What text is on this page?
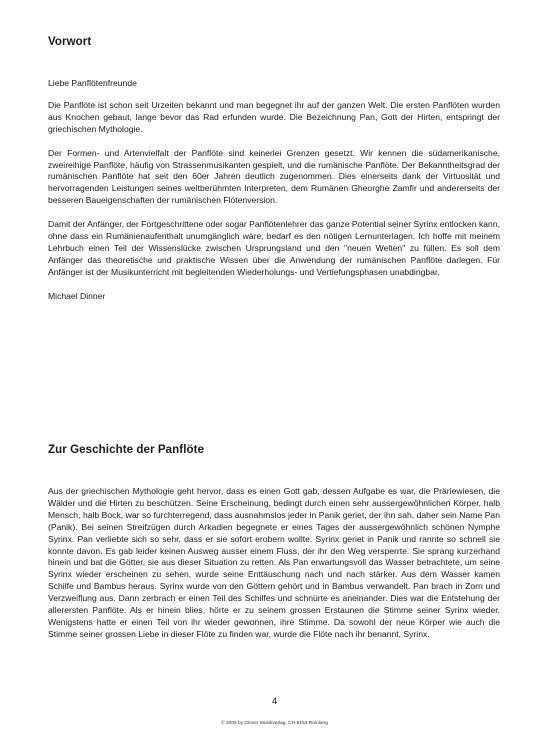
Vorwort

Liebe Panflötenfreunde

Die Panflöte ist schon seit Urzeiten bekannt und man begegnet ihr auf der ganzen Welt. Die ersten Panflöten wurden aus Knochen gebaut, lange bevor das Rad erfunden wurde. Die Bezeichnung Pan, Gott der Hirten, entspringt der griechischen Mythologie.

Der Formen- und Artenvielfalt der Panflöte sind keinerlei Grenzen gesetzt. Wir kennen die südamerikanische, zweireihige Panflöte, häufig von Strassenmusikanten gespielt, und die rumänische Panflöte. Der Bekanntheitsgrad der rumänischen Panflöte hat seit den 60er Jahren deutlich zugenommen. Dies einerseits dank der Virtuosität und hervorragenden Leistungen seines weltberühmten Interpreten, dem Rumänen Gheorghe Zamfir und andererseits der besseren Baueigenschaften der rumänischen Flötenversion.

Damit der Anfänger, der Fortgeschrittene oder sogar Panflötenlehrer das ganze Potential seiner Syrinx entlocken kann, ohne dass ein Rumänienaufenthalt unumgänglich wäre, bedarf es den nötigen Lernunterlagen. Ich hoffe mit meinem Lehrbuch einen Teil der Wissenslücke zwischen Ursprungsland und den "neuen Welten" zu füllen. Es soll dem Anfänger das theoretische und praktische Wissen über die Anwendung der rumänischen Panflöte darlegen. Für Anfänger ist der Musikunterricht mit begleitenden Wiederholungs- und Vertiefungsphasen unabdingbar.

Michael Dinner

Zur Geschichte der Panflöte

Aus der griechischen Mythologie geht hervor, dass es einen Gott gab, dessen Aufgabe es war, die Präriewiesen, die Wälder und die Hirten zu beschützen. Seine Erscheinung, bedingt durch einen sehr aussergewöhnlichen Körper, halb Mensch, halb Bock, war so furchterregend, dass ausnahmslos jeder in Panik geriet, der ihn sah, daher sein Name Pan (Panik). Bei seinen Streifzügen durch Arkadien begegnete er eines Tages der aussergewöhnlich schönen Nymphe Syrinx. Pan verliebte sich so sehr, dass er sie sofort erobern wollte. Syrinx geriet in Panik und rannte so schnell sie konnte davon. Es gab leider keinen Ausweg ausser einem Fluss, der ihr den Weg versperrte. Sie sprang kurzerhand hinein und bat die Götter, sie aus dieser Situation zu retten. Als Pan erwartungsvoll das Wasser betrachtete, um seine Syrinx wieder erscheinen zu sehen, wurde seine Enttäuschung nach und nach stärker. Aus dem Wasser kamen Schilfe und Bambus heraus. Syrinx wurde von den Göttern gehört und in Bambus verwandelt. Pan brach in Zorn und Verzweiflung aus. Dann zerbrach er einen Teil des Schilfes und schnürte es aneinander. Dies war die Entstehung der allerersten Panflöte. Als er hinein blies, hörte er zu seinem grossen Erstaunen die Stimme seiner Syrinx wieder. Wenigstens hatte er einen Teil von ihr wieder gewonnen, ihre Stimme. Da sowohl der neue Körper wie auch die Stimme seiner grossen Liebe in dieser Flöte zu finden war, wurde die Flöte nach ihr benannt, Syrinx.

4
© 2005 by Dinner Musikverlag, CH-8153 Rümlang
